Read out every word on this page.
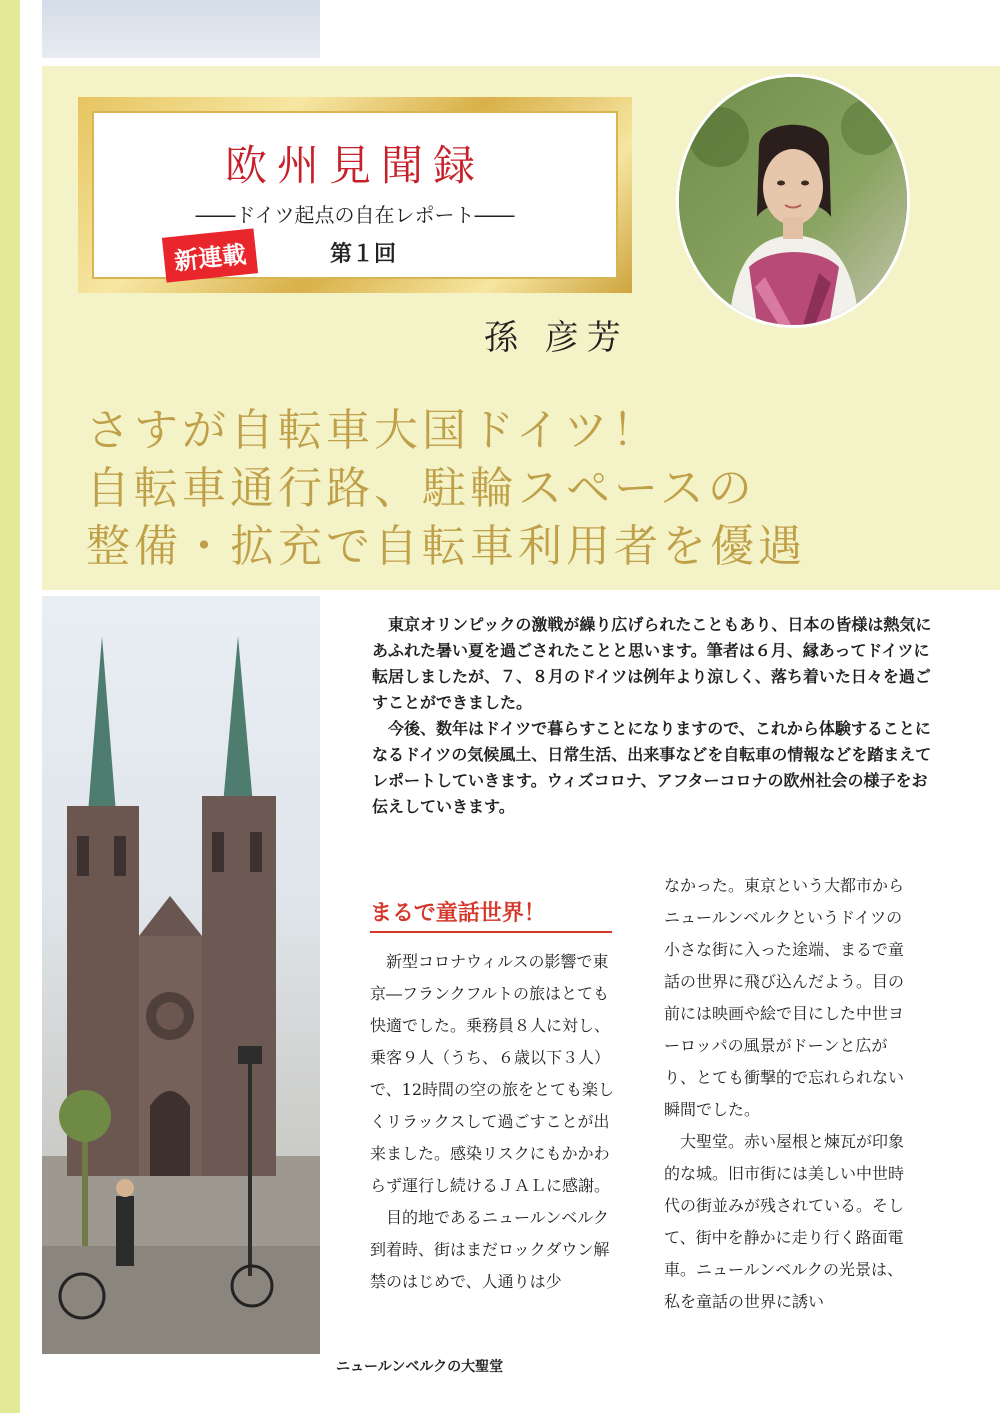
欧州見聞録
――ドイツ起点の自在レポート――
新連載	第１回
孫 彦芳
さすが自転車大国ドイツ！
自転車通行路、駐輪スペースの
整備・拡充で自転車利用者を優遇
ニュールンベルクの大聖堂

東京オリンピックの激戦が繰り広げられたこともあり、日本の皆様は熱気にあふれた暑い夏を過ごされたことと思います。筆者は６月、縁あってドイツに転居しましたが、７、８月のドイツは例年より涼しく、落ち着いた日々を過ごすことができました。

今後、数年はドイツで暮らすことになりますので、これから体験することになるドイツの気候風土、日常生活、出来事などを自転車の情報などを踏まえてレポートしていきます。ウィズコロナ、アフターコロナの欧州社会の様子をお伝えしていきます。

まるで童話世界！

新型コロナウィルスの影響で東京―フランクフルトの旅はとても快適でした。乗務員８人に対し、乗客９人（うち、６歳以下３人）で、12時間の空の旅をとても楽しくリラックスして過ごすことが出来ました。感染リスクにもかかわらず運行し続けるＪＡＬに感謝。

目的地であるニュールンベルク到着時、街はまだロックダウン解禁のはじめで、人通りは少

なかった。東京という大都市からニュールンベルクというドイツの小さな街に入った途端、まるで童話の世界に飛び込んだよう。目の前には映画や絵で目にした中世ヨーロッパの風景がドーンと広がり、とても衝撃的で忘れられない瞬間でした。

大聖堂。赤い屋根と煉瓦が印象的な城。旧市街には美しい中世時代の街並みが残されている。そして、街中を静かに走り行く路面電車。ニュールンベルクの光景は、私を童話の世界に誘い
